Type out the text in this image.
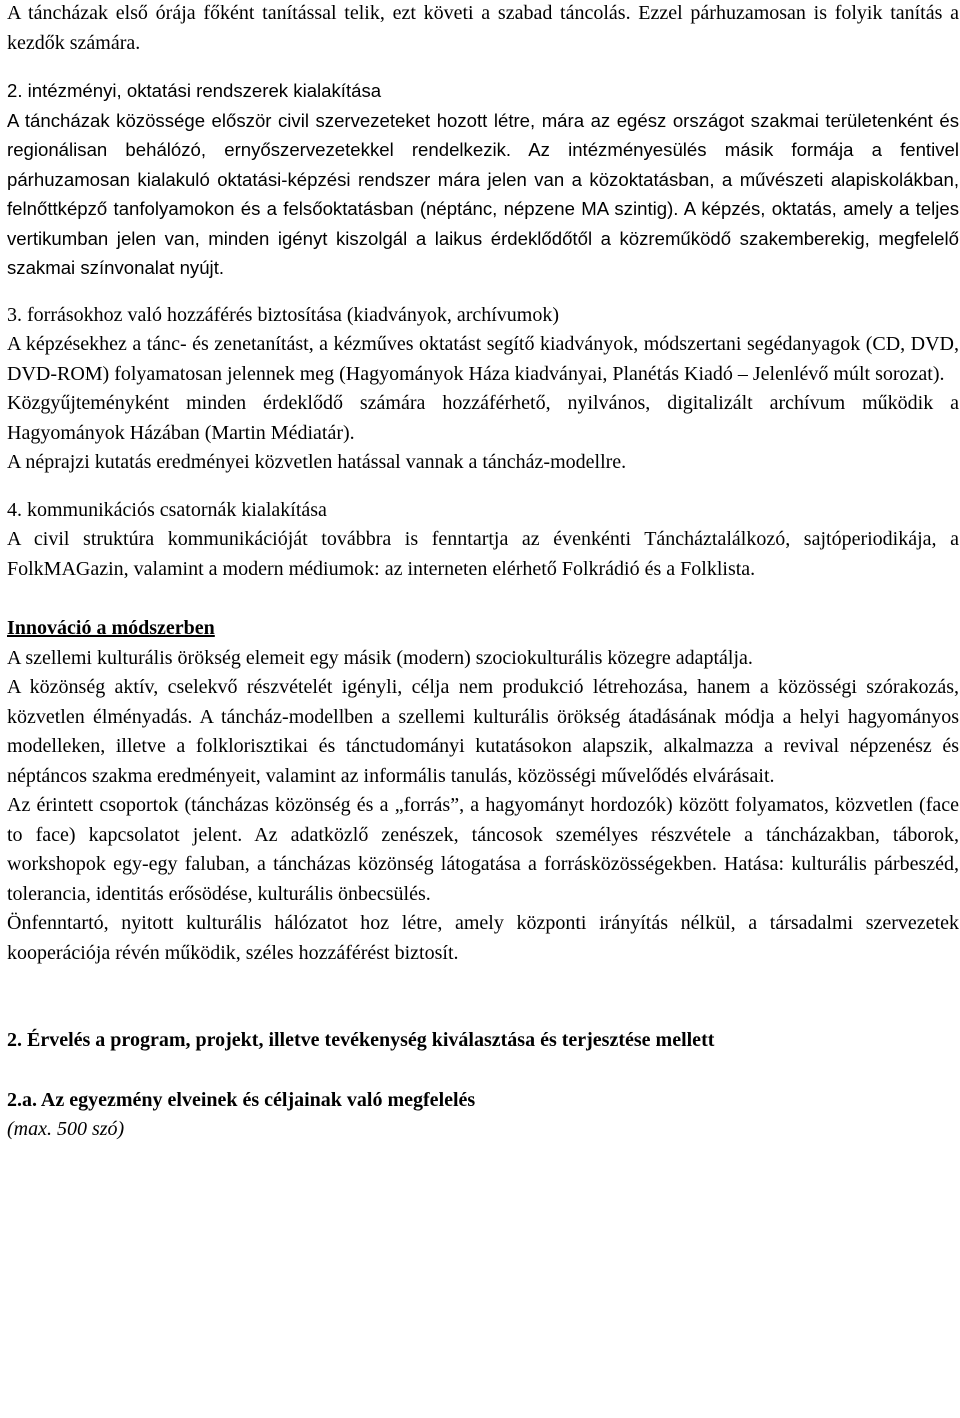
A táncházak első órája főként tanítással telik, ezt követi a szabad táncolás. Ezzel párhuzamosan is folyik tanítás a kezdők számára.

2. intézményi, oktatási rendszerek kialakítása

A táncházak közössége először civil szervezeteket hozott létre, mára az egész országot szakmai területenként és regionálisan behálózó, ernyőszervezetekkel rendelkezik. Az intézményesülés másik formája a fentivel párhuzamosan kialakuló oktatási-képzési rendszer mára jelen van a közoktatásban, a művészeti alapiskolákban, felnőttképző tanfolyamokon és a felsőoktatásban (néptánc, népzene MA szintig). A képzés, oktatás, amely a teljes vertikumban jelen van, minden igényt kiszolgál a laikus érdeklődőtől a közreműködő szakemberekig, megfelelő szakmai színvonalat nyújt.

3. forrásokhoz való hozzáférés biztosítása (kiadványok, archívumok)

A képzésekhez a tánc- és zenetanítást, a kézműves oktatást segítő kiadványok, módszertani segédanyagok (CD, DVD, DVD-ROM) folyamatosan jelennek meg (Hagyományok Háza kiadványai, Planétás Kiadó – Jelenlévő múlt sorozat).

Közgyűjteményként minden érdeklődő számára hozzáférhető, nyilvános, digitalizált archívum működik a Hagyományok Házában (Martin Médiatár).

A néprajzi kutatás eredményei közvetlen hatással vannak a táncház-modellre.

4. kommunikációs csatornák kialakítása

A civil struktúra kommunikációját továbbra is fenntartja az évenkénti Táncháztalálkozó, sajtóperiodikája, a FolkMAGazin, valamint a modern médiumok: az interneten elérhető Folkrádió és a Folklista.

Innováció a módszerben

A szellemi kulturális örökség elemeit egy másik (modern) szociokulturális közegre adaptálja.

A közönség aktív, cselekvő részvételét igényli, célja nem produkció létrehozása, hanem a közösségi szórakozás, közvetlen élményadás. A táncház-modellben a szellemi kulturális örökség átadásának módja a helyi hagyományos modelleken, illetve a folklorisztikai és tánctudományi kutatásokon alapszik, alkalmazza a revival népzenész és néptáncos szakma eredményeit, valamint az informális tanulás, közösségi művelődés elvárásait.

Az érintett csoportok (táncházas közönség és a „forrás”, a hagyományt hordozók) között folyamatos, közvetlen (face to face) kapcsolatot jelent. Az adatközlő zenészek, táncosok személyes részvétele a táncházakban, táborok, workshopok egy-egy faluban, a táncházas közönség látogatása a forrásközösségekben. Hatása: kulturális párbeszéd, tolerancia, identitás erősödése, kulturális önbecsülés.

Önfenntartó, nyitott kulturális hálózatot hoz létre, amely központi irányítás nélkül, a társadalmi szervezetek kooperációja révén működik, széles hozzáférést biztosít.

2. Érvelés a program, projekt, illetve tevékenység kiválasztása és terjesztése mellett

2.a. Az egyezmény elveinek és céljainak való megfelelés

(max. 500 szó)
